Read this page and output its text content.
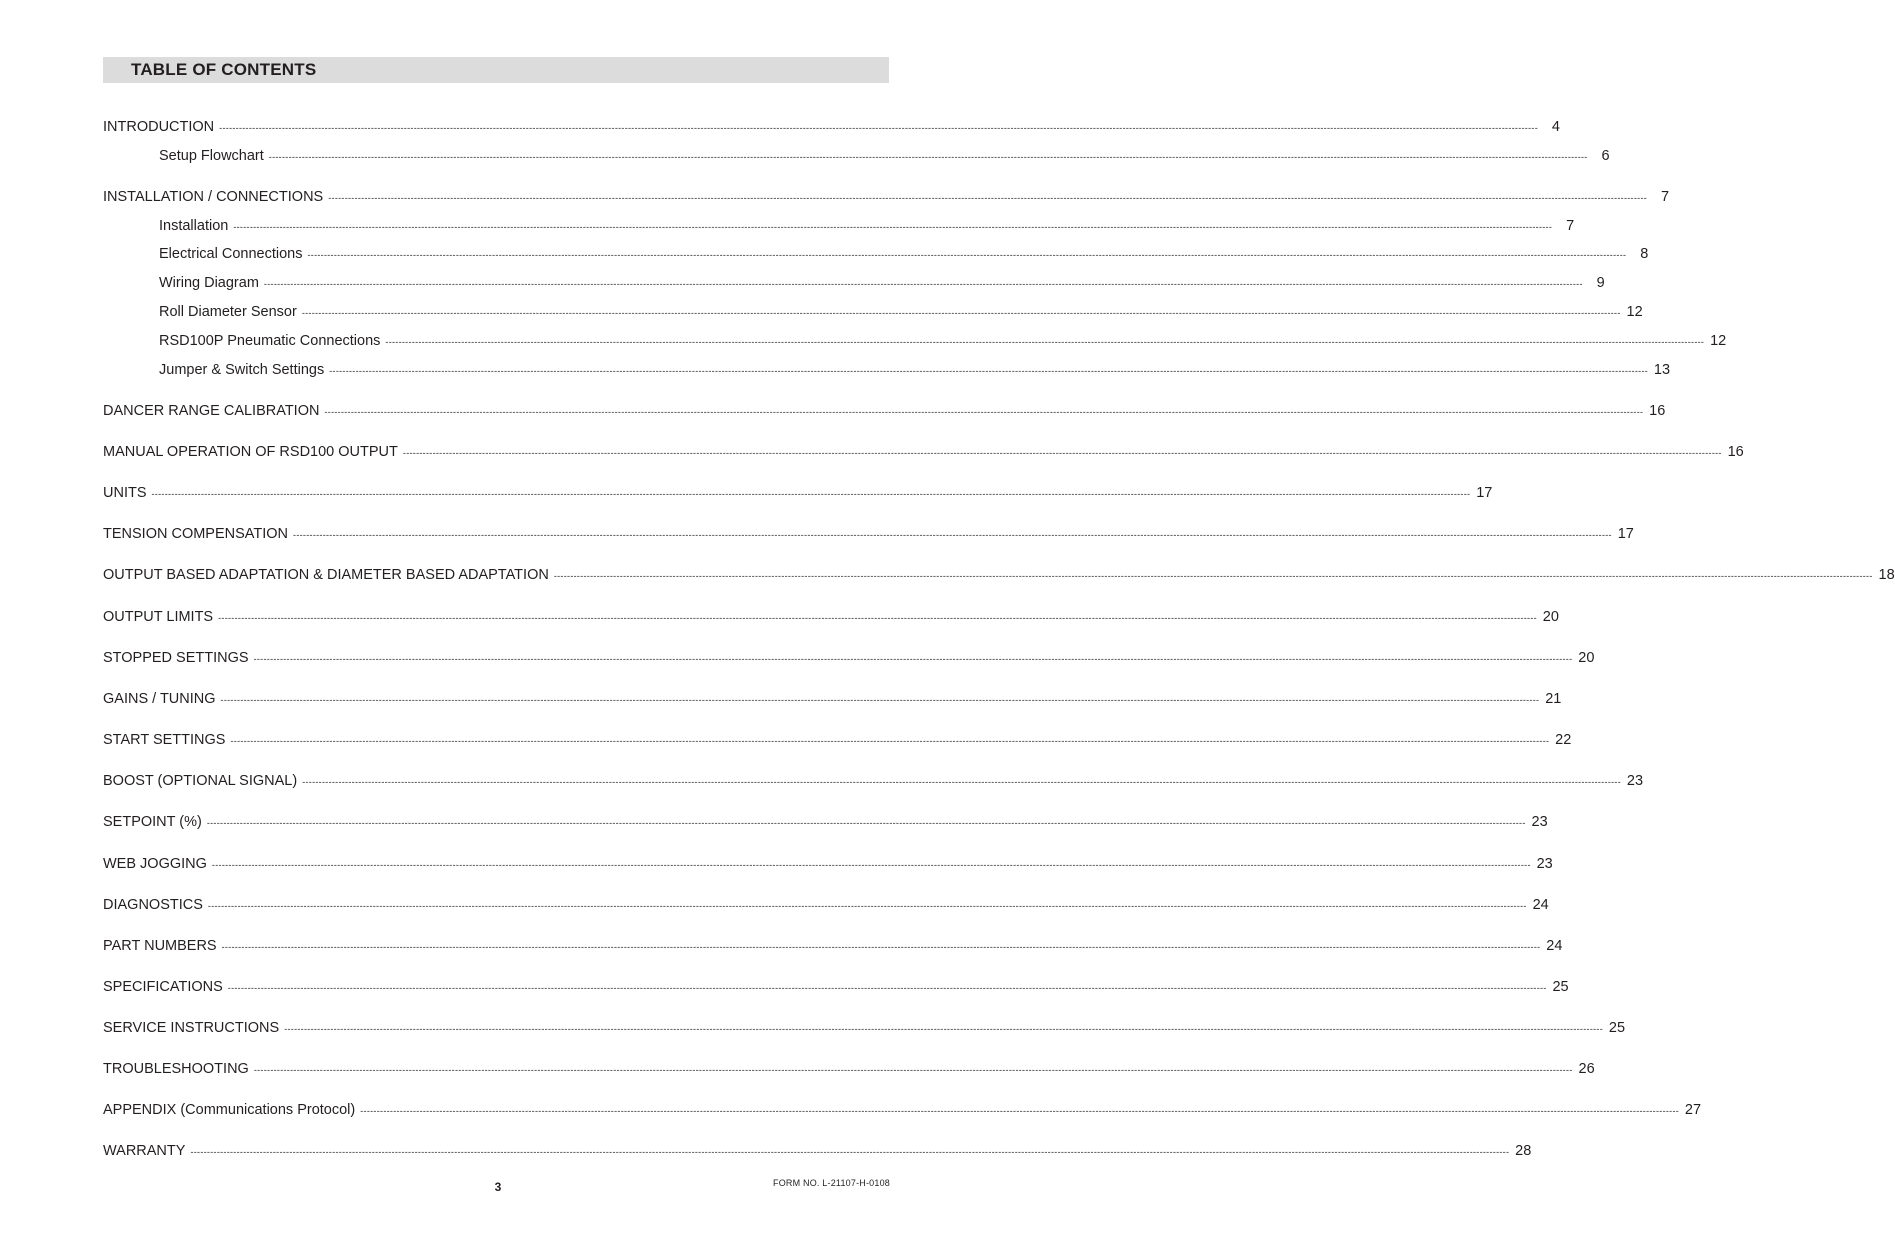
TABLE OF CONTENTS
INTRODUCTION ---------------------------------------------------------------------------------------------------------------------------------------------------------------------------------------------------------------------------------------------------------------------------------------------------------------------------------------------------------------------------------------------------------------- 4
Setup Flowchart ---------------------------------------------------------------------------------------------------------------------------------------------------------------------------------------------------------------------------------------------------------------------------------------------------------------------------------------------------------------------------------------------------------------- 6
INSTALLATION / CONNECTIONS ---------------------------------------------------------------------------------------------------------------------------------------------------------------------------------------------------------------------------------------------------------------------------------------------------------------------------------------------------------------------------------------------------------------- 7
Installation ---------------------------------------------------------------------------------------------------------------------------------------------------------------------------------------------------------------------------------------------------------------------------------------------------------------------------------------------------------------------------------------------------------------- 7
Electrical Connections ---------------------------------------------------------------------------------------------------------------------------------------------------------------------------------------------------------------------------------------------------------------------------------------------------------------------------------------------------------------------------------------------------------------- 8
Wiring Diagram ---------------------------------------------------------------------------------------------------------------------------------------------------------------------------------------------------------------------------------------------------------------------------------------------------------------------------------------------------------------------------------------------------------------- 9
Roll Diameter Sensor ---------------------------------------------------------------------------------------------------------------------------------------------------------------------------------------------------------------------------------------------------------------------------------------------------------------------------------------------------------------------------------------------------------------- 12
RSD100P Pneumatic Connections ---------------------------------------------------------------------------------------------------------------------------------------------------------------------------------------------------------------------------------------------------------------------------------------------------------------------------------------------------------------------------------------------------------------- 12
Jumper & Switch Settings ---------------------------------------------------------------------------------------------------------------------------------------------------------------------------------------------------------------------------------------------------------------------------------------------------------------------------------------------------------------------------------------------------------------- 13
DANCER RANGE CALIBRATION ---------------------------------------------------------------------------------------------------------------------------------------------------------------------------------------------------------------------------------------------------------------------------------------------------------------------------------------------------------------------------------------------------------------- 16
MANUAL OPERATION OF RSD100 OUTPUT ---------------------------------------------------------------------------------------------------------------------------------------------------------------------------------------------------------------------------------------------------------------------------------------------------------------------------------------------------------------------------------------------------------------- 16
UNITS ---------------------------------------------------------------------------------------------------------------------------------------------------------------------------------------------------------------------------------------------------------------------------------------------------------------------------------------------------------------------------------------------------------------- 17
TENSION COMPENSATION ---------------------------------------------------------------------------------------------------------------------------------------------------------------------------------------------------------------------------------------------------------------------------------------------------------------------------------------------------------------------------------------------------------------- 17
OUTPUT BASED ADAPTATION & DIAMETER BASED ADAPTATION ---------------------------------------------------------------------------------------------------------------------------------------------------------------------------------------------------------------------------------------------------------------------------------------------------------------------------------------------------------------------------------------------------------------- 18
OUTPUT LIMITS ---------------------------------------------------------------------------------------------------------------------------------------------------------------------------------------------------------------------------------------------------------------------------------------------------------------------------------------------------------------------------------------------------------------- 20
STOPPED SETTINGS ---------------------------------------------------------------------------------------------------------------------------------------------------------------------------------------------------------------------------------------------------------------------------------------------------------------------------------------------------------------------------------------------------------------- 20
GAINS / TUNING ---------------------------------------------------------------------------------------------------------------------------------------------------------------------------------------------------------------------------------------------------------------------------------------------------------------------------------------------------------------------------------------------------------------- 21
START SETTINGS ---------------------------------------------------------------------------------------------------------------------------------------------------------------------------------------------------------------------------------------------------------------------------------------------------------------------------------------------------------------------------------------------------------------- 22
BOOST (OPTIONAL SIGNAL) ---------------------------------------------------------------------------------------------------------------------------------------------------------------------------------------------------------------------------------------------------------------------------------------------------------------------------------------------------------------------------------------------------------------- 23
SETPOINT (%) ---------------------------------------------------------------------------------------------------------------------------------------------------------------------------------------------------------------------------------------------------------------------------------------------------------------------------------------------------------------------------------------------------------------- 23
WEB JOGGING ---------------------------------------------------------------------------------------------------------------------------------------------------------------------------------------------------------------------------------------------------------------------------------------------------------------------------------------------------------------------------------------------------------------- 23
DIAGNOSTICS ---------------------------------------------------------------------------------------------------------------------------------------------------------------------------------------------------------------------------------------------------------------------------------------------------------------------------------------------------------------------------------------------------------------- 24
PART NUMBERS ---------------------------------------------------------------------------------------------------------------------------------------------------------------------------------------------------------------------------------------------------------------------------------------------------------------------------------------------------------------------------------------------------------------- 24
SPECIFICATIONS ---------------------------------------------------------------------------------------------------------------------------------------------------------------------------------------------------------------------------------------------------------------------------------------------------------------------------------------------------------------------------------------------------------------- 25
SERVICE INSTRUCTIONS ---------------------------------------------------------------------------------------------------------------------------------------------------------------------------------------------------------------------------------------------------------------------------------------------------------------------------------------------------------------------------------------------------------------- 25
TROUBLESHOOTING ---------------------------------------------------------------------------------------------------------------------------------------------------------------------------------------------------------------------------------------------------------------------------------------------------------------------------------------------------------------------------------------------------------------- 26
APPENDIX (Communications Protocol) ---------------------------------------------------------------------------------------------------------------------------------------------------------------------------------------------------------------------------------------------------------------------------------------------------------------------------------------------------------------------------------------------------------------- 27
WARRANTY ---------------------------------------------------------------------------------------------------------------------------------------------------------------------------------------------------------------------------------------------------------------------------------------------------------------------------------------------------------------------------------------------------------------- 28
3	FORM NO. L-21107-H-0108
